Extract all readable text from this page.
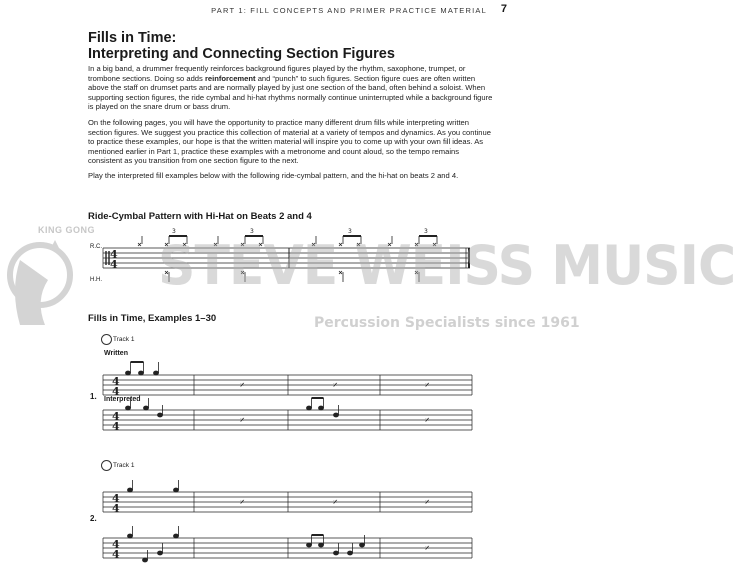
PART 1: FILL CONCEPTS AND PRIMER PRACTICE MATERIAL 7
Fills in Time:
Interpreting and Connecting Section Figures
In a big band, a drummer frequently reinforces background figures played by the rhythm, saxophone, trumpet, or trombone sections. Doing so adds reinforcement and “punch” to such figures. Section figure cues are often written above the staff on drumset parts and are normally played by just one section of the band, often behind a soloist. When supporting section figures, the ride cymbal and hi-hat rhythms normally continue uninterrupted while a background figure is played on the snare drum or bass drum.
On the following pages, you will have the opportunity to practice many different drum fills while interpreting written section figures. We suggest you practice this collection of material at a variety of tempos and dynamics. As you continue to practice these examples, our hope is that the written material will inspire you to come up with your own fill ideas. As mentioned earlier in Part 1, practice these examples with a metronome and count aloud, so the tempo remains consistent as you transition from one section figure to the next.
Play the interpreted fill examples below with the following ride-cymbal pattern, and the hi-hat on beats 2 and 4.
KING GONG
Ride-Cymbal Pattern with Hi-Hat on Beats 2 and 4
R.C.
H.H.
4
4
3	3	3	3
STEVE WEISS MUSIC
Percussion Specialists since 1961
Fills in Time, Examples 1–30
Track 1
Written
Interpreted
1.
4
4
4
4
𝄎	𝄎	𝄎
𝄎	𝄎
Track 1
2.
4
4
4
4
𝄎	𝄎	𝄎
𝄎
